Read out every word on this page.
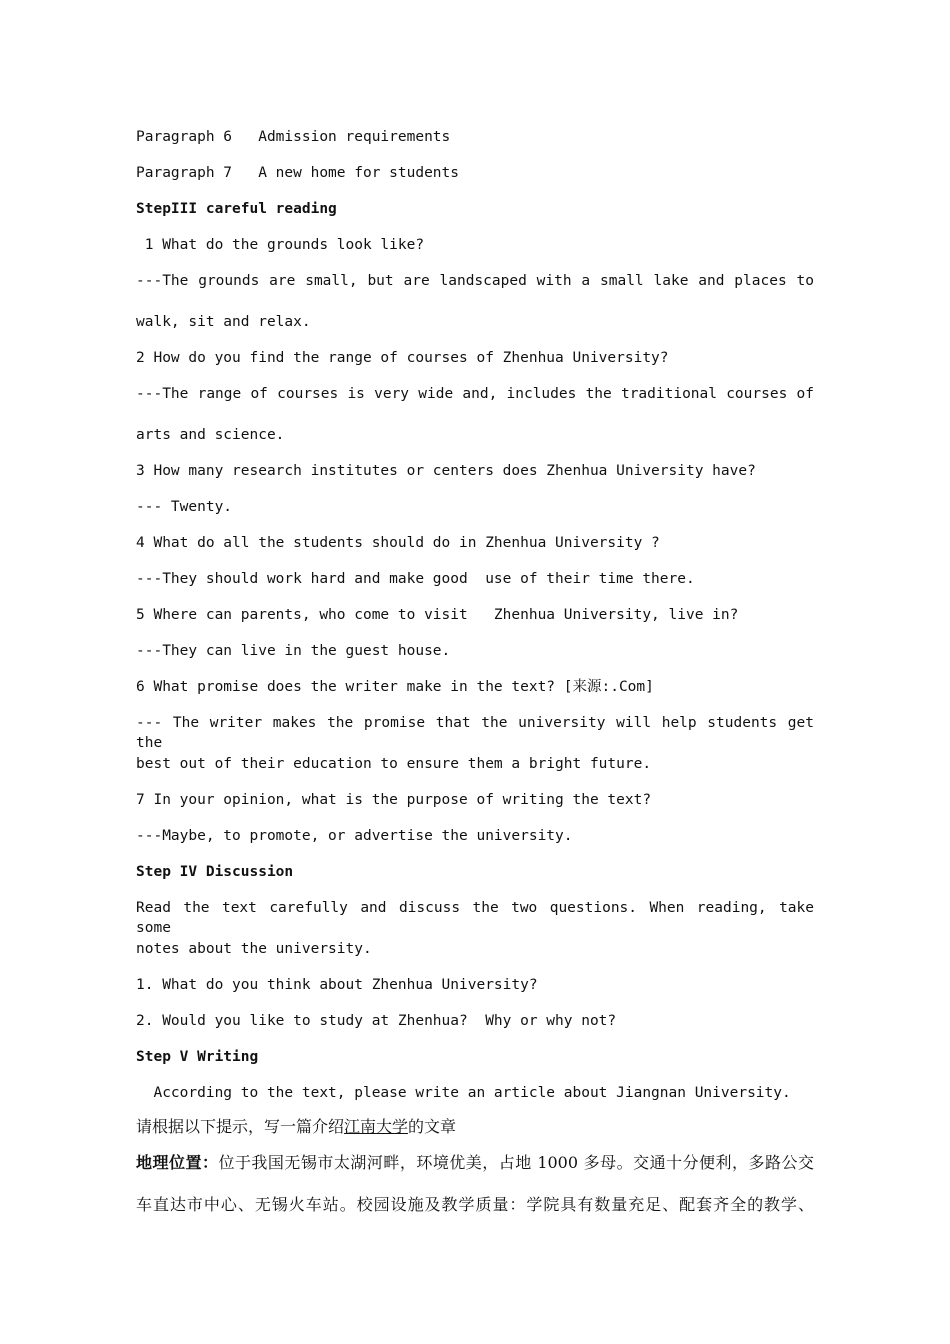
Paragraph 6   Admission requirements
Paragraph 7   A new home for students
StepIII careful reading
1 What do the grounds look like?
---The grounds are small, but are landscaped with a small lake and places to
walk, sit and relax.
2 How do you find the range of courses of Zhenhua University?
---The range of courses is very wide and, includes the traditional courses of
arts and science.
3 How many research institutes or centers does Zhenhua University have?
--- Twenty.
4 What do all the students should do in Zhenhua University ?
---They should work hard and make good  use of their time there.
5 Where can parents, who come to visit   Zhenhua University, live in?
---They can live in the guest house.
6 What promise does the writer make in the text? [来源:.Com]
--- The writer makes the promise that the university will help students get the
best out of their education to ensure them a bright future.
7 In your opinion, what is the purpose of writing the text?
---Maybe, to promote, or advertise the university.
Step IV Discussion
Read the text carefully and discuss the two questions. When reading, take some
notes about the university.
1. What do you think about Zhenhua University?
2. Would you like to study at Zhenhua?  Why or why not?
Step V Writing
According to the text, please write an article about Jiangnan University.
请根据以下提示，写一篇介绍江南大学的文章
地理位置：位于我国无锡市太湖河畔，环境优美，占地 1000 多母。交通十分便利，多路公交
车直达市中心、无锡火车站。校园设施及教学质量：学院具有数量充足、配套齐全的教学、
